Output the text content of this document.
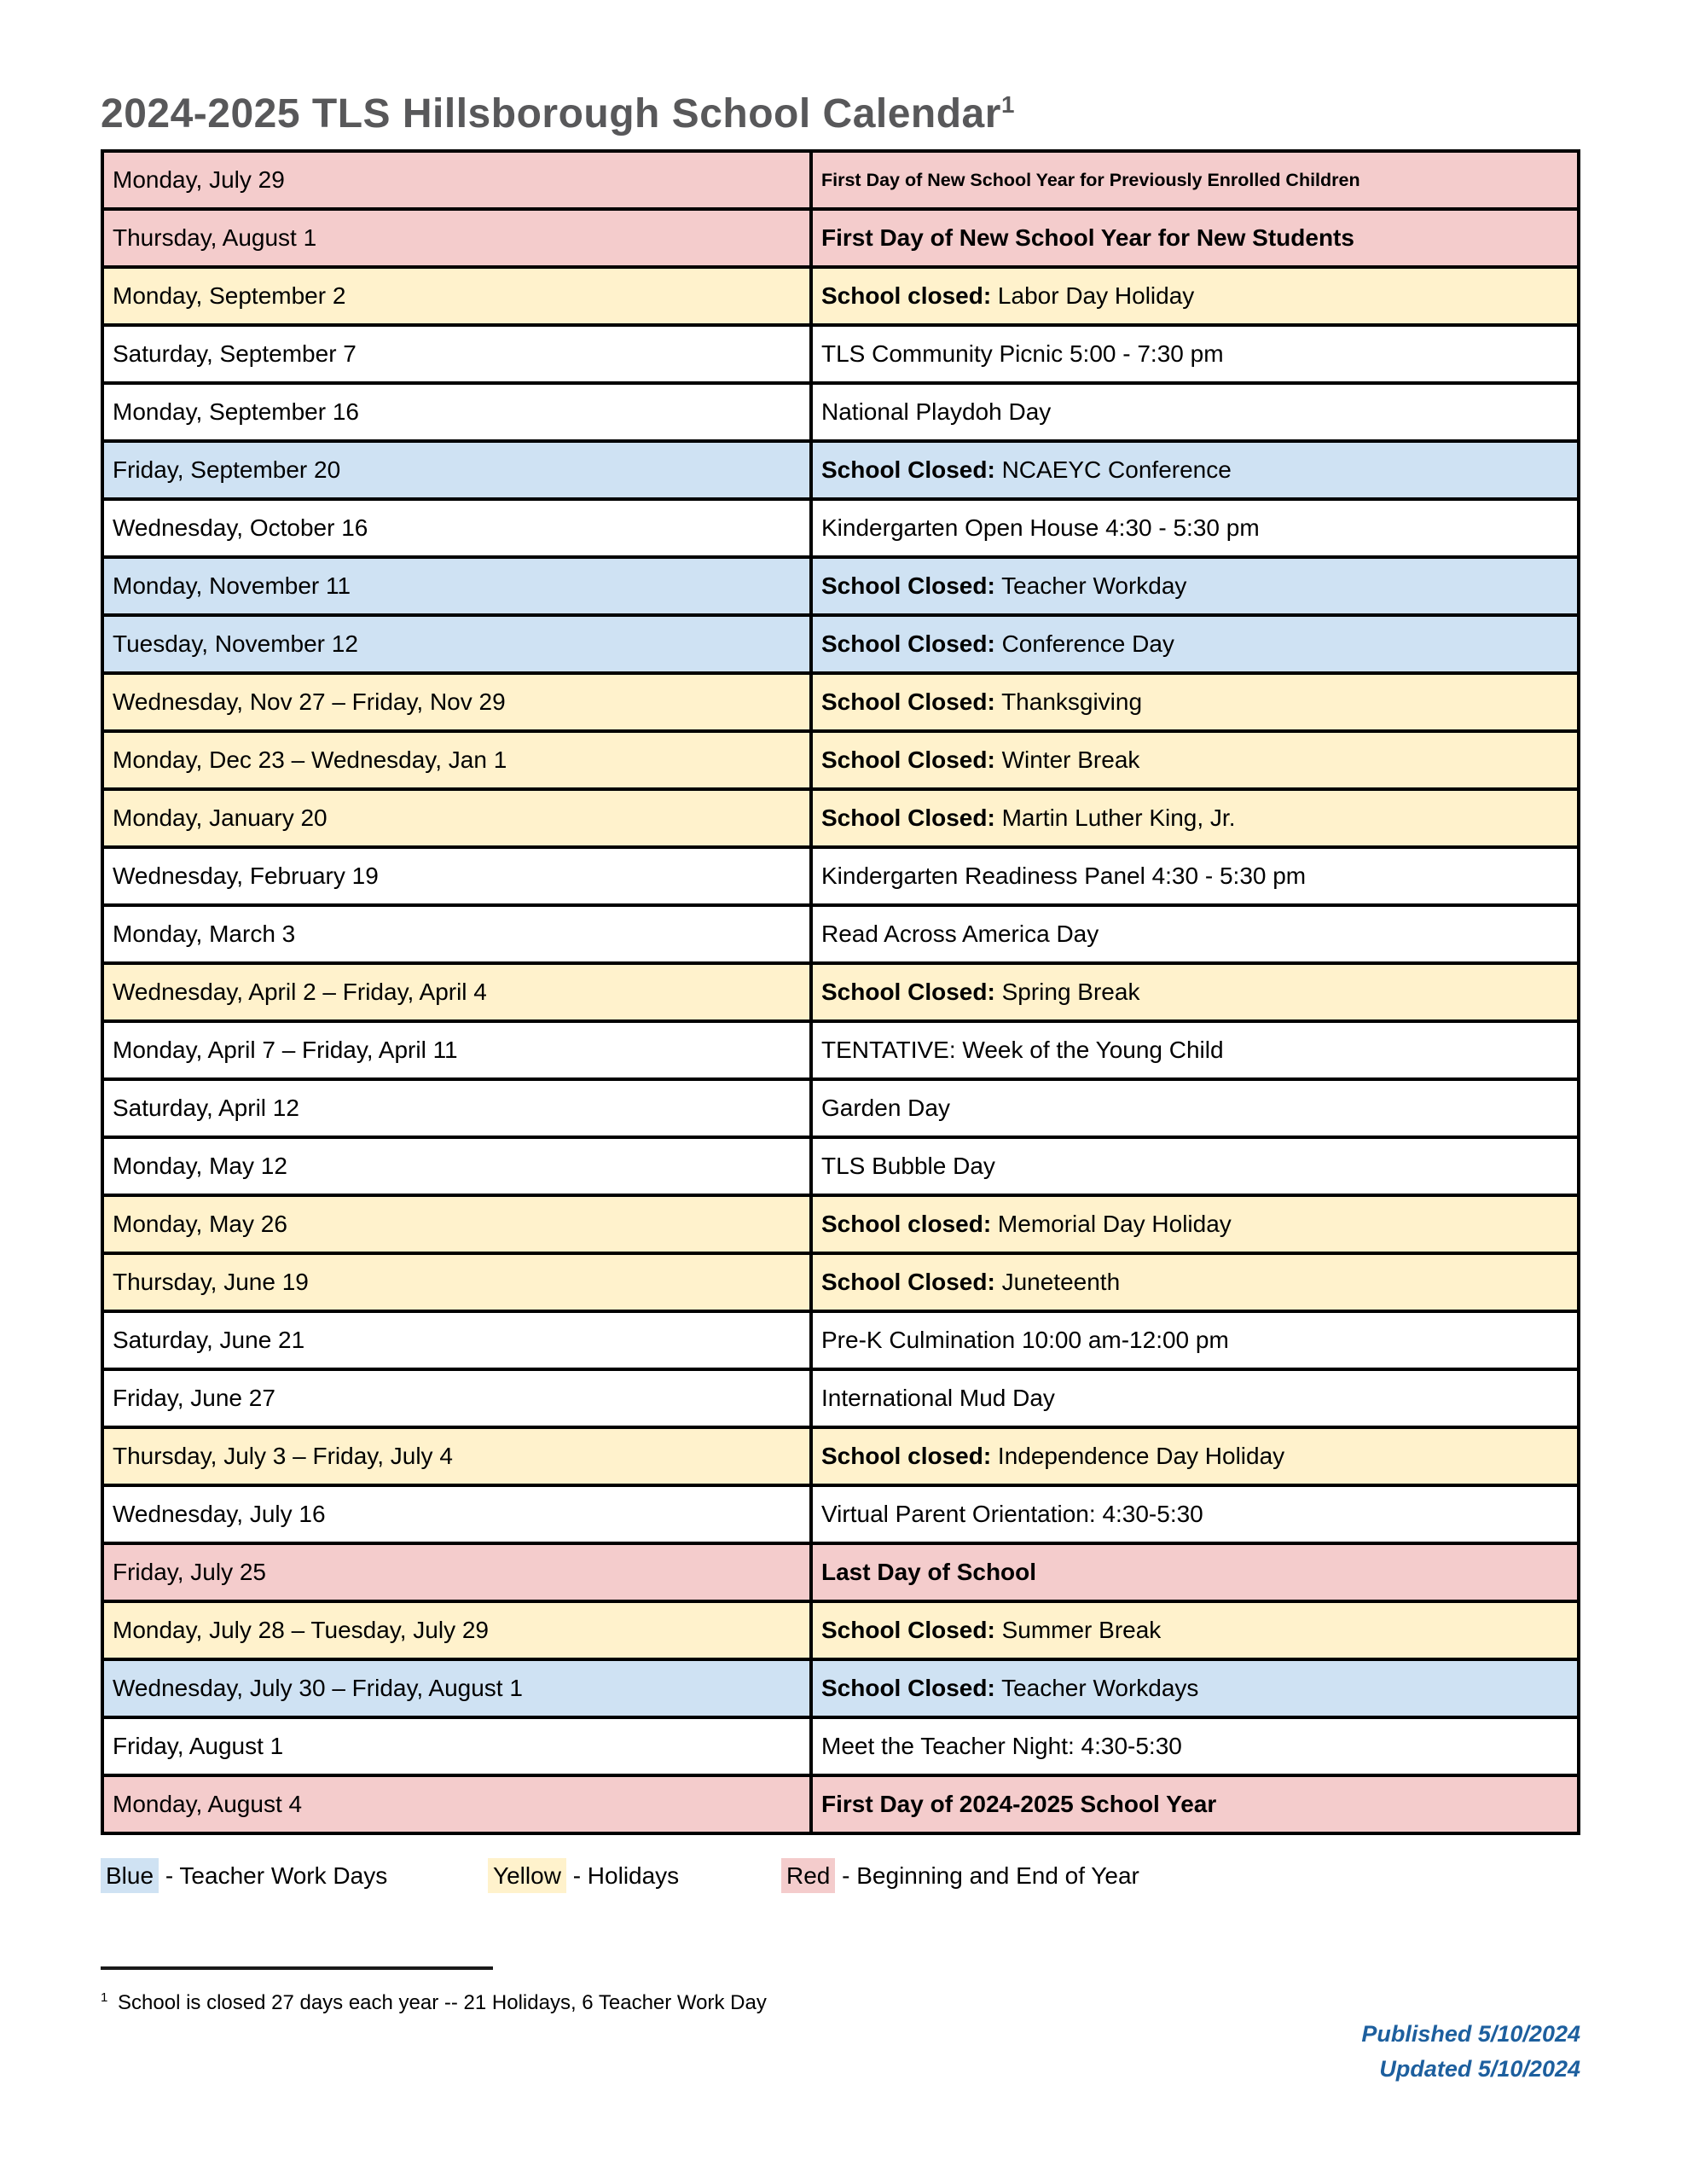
2024-2025 TLS Hillsborough School Calendar$^1$
Monday, July 29	First Day of New School Year for Previously Enrolled Children
Thursday, August 1	First Day of New School Year for New Students
Monday, September 2	School closed: Labor Day Holiday
Saturday, September 7	TLS Community Picnic 5:00 - 7:30 pm
Monday, September 16	National Playdoh Day
Friday, September 20	School Closed: NCAEYC Conference
Wednesday, October 16	Kindergarten Open House 4:30 - 5:30 pm
Monday, November 11	School Closed: Teacher Workday
Tuesday, November 12	School Closed: Conference Day
Wednesday, Nov 27 – Friday, Nov 29	School Closed: Thanksgiving
Monday, Dec 23 – Wednesday, Jan 1	School Closed: Winter Break
Monday, January 20	School Closed: Martin Luther King, Jr.
Wednesday, February 19	Kindergarten Readiness Panel 4:30 - 5:30 pm
Monday, March 3	Read Across America Day
Wednesday, April 2 – Friday, April 4	School Closed: Spring Break
Monday, April 7 – Friday, April 11	TENTATIVE: Week of the Young Child
Saturday, April 12	Garden Day
Monday, May 12	TLS Bubble Day
Monday, May 26	School closed: Memorial Day Holiday
Thursday, June 19	School Closed: Juneteenth
Saturday, June 21	Pre-K Culmination 10:00 am-12:00 pm
Friday, June 27	International Mud Day
Thursday, July 3 – Friday, July 4	School closed: Independence Day Holiday
Wednesday, July 16	Virtual Parent Orientation: 4:30-5:30
Friday, July 25	Last Day of School
Monday, July 28 – Tuesday, July 29	School Closed: Summer Break
Wednesday, July 30 – Friday, August 1	School Closed: Teacher Workdays
Friday, August 1	Meet the Teacher Night: 4:30-5:30
Monday, August 4	First Day of 2024-2025 School Year
Blue - Teacher Work Days	Yellow - Holidays	Red - Beginning and End of Year

$^1$ School is closed 27 days each year -- 21 Holidays, 6 Teacher Work Day

Published 5/10/2024
Updated 5/10/2024
